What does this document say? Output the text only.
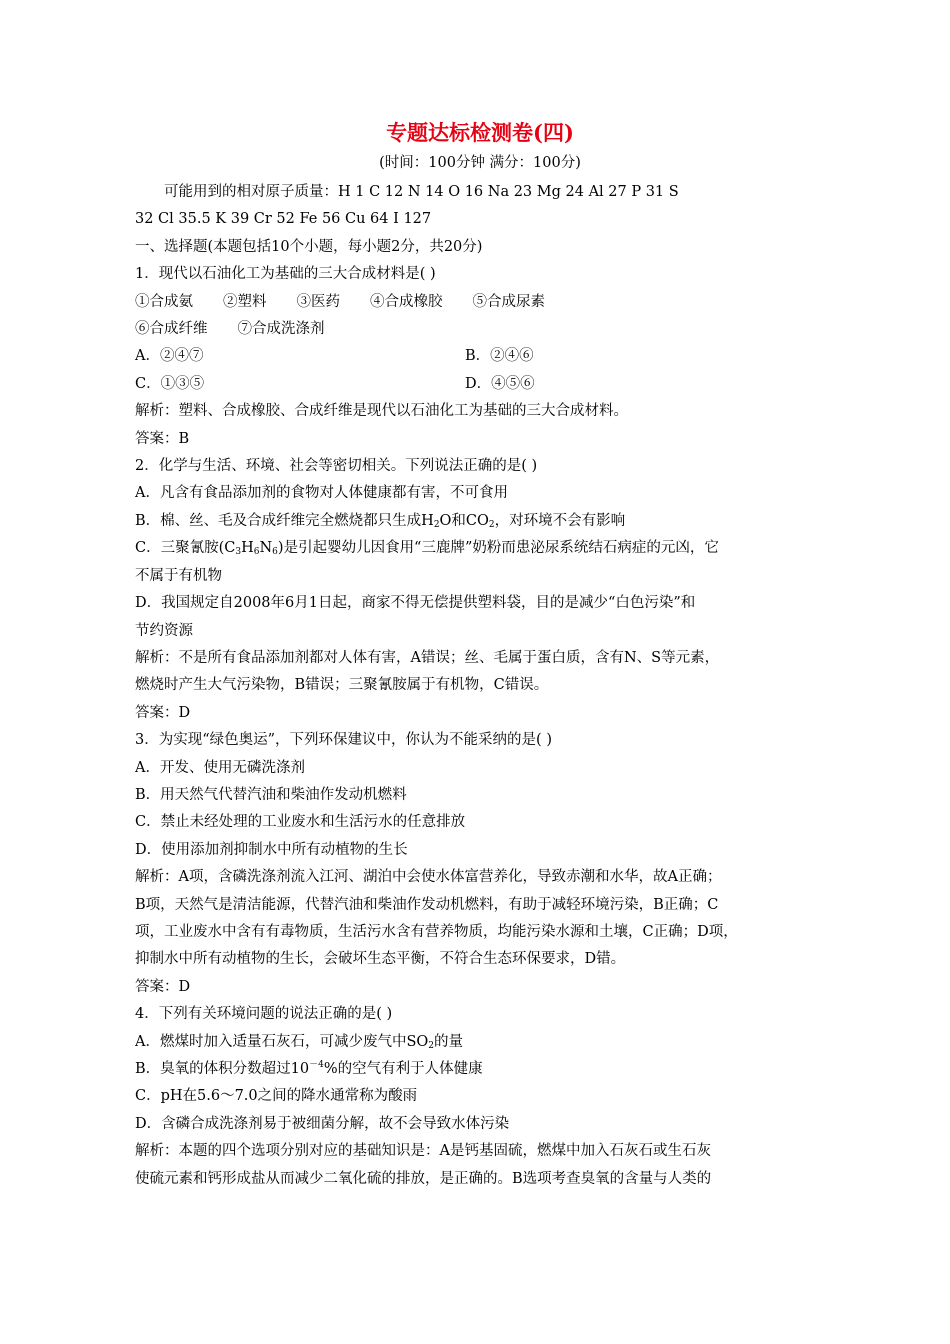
专题达标检测卷(四)
(时间：100分钟 满分：100分)
可能用到的相对原子质量：H 1 C 12 N 14 O 16 Na 23 Mg 24 Al 27 P 31 S
32 Cl 35.5 K 39 Cr 52 Fe 56 Cu 64 I 127
一、选择题(本题包括10个小题，每小题2分，共20分)
1．现代以石油化工为基础的三大合成材料是( )
①合成氨 ②塑料 ③医药 ④合成橡胶 ⑤合成尿素
⑥合成纤维 ⑦合成洗涤剂
A．②④⑦	B．②④⑥
C．①③⑤	D．④⑤⑥
解析：塑料、合成橡胶、合成纤维是现代以石油化工为基础的三大合成材料。
答案：B
2．化学与生活、环境、社会等密切相关。下列说法正确的是( )
A．凡含有食品添加剂的食物对人体健康都有害，不可食用
B．棉、丝、毛及合成纤维完全燃烧都只生成$H_2O$和$CO_2$，对环境不会有影响
C．三聚氰胺$(C_3H_6N_6)$是引起婴幼儿因食用“三鹿牌”奶粉而患泌尿系统结石病症的元凶，它
不属于有机物
D．我国规定自2008年6月1日起，商家不得无偿提供塑料袋，目的是减少“白色污染”和
节约资源
解析：不是所有食品添加剂都对人体有害，A错误；丝、毛属于蛋白质，含有N、S等元素，
燃烧时产生大气污染物，B错误；三聚氰胺属于有机物，C错误。
答案：D
3．为实现“绿色奥运”，下列环保建议中，你认为不能采纳的是( )
A．开发、使用无磷洗涤剂
B．用天然气代替汽油和柴油作发动机燃料
C．禁止未经处理的工业废水和生活污水的任意排放
D．使用添加剂抑制水中所有动植物的生长
解析：A项，含磷洗涤剂流入江河、湖泊中会使水体富营养化，导致赤潮和水华，故A正确；
B项，天然气是清洁能源，代替汽油和柴油作发动机燃料，有助于减轻环境污染，B正确；C
项，工业废水中含有有毒物质，生活污水含有营养物质，均能污染水源和土壤，C正确；D项，
抑制水中所有动植物的生长，会破坏生态平衡，不符合生态环保要求，D错。
答案：D
4．下列有关环境问题的说法正确的是( )
A．燃煤时加入适量石灰石，可减少废气中$SO_2$的量
B．臭氧的体积分数超过$10^{-4}\%$的空气有利于人体健康
C．pH在5.6～7.0之间的降水通常称为酸雨
D．含磷合成洗涤剂易于被细菌分解，故不会导致水体污染
解析：本题的四个选项分别对应的基础知识是：A是钙基固硫，燃煤中加入石灰石或生石灰
使硫元素和钙形成盐从而减少二氧化硫的排放，是正确的。B选项考查臭氧的含量与人类的
